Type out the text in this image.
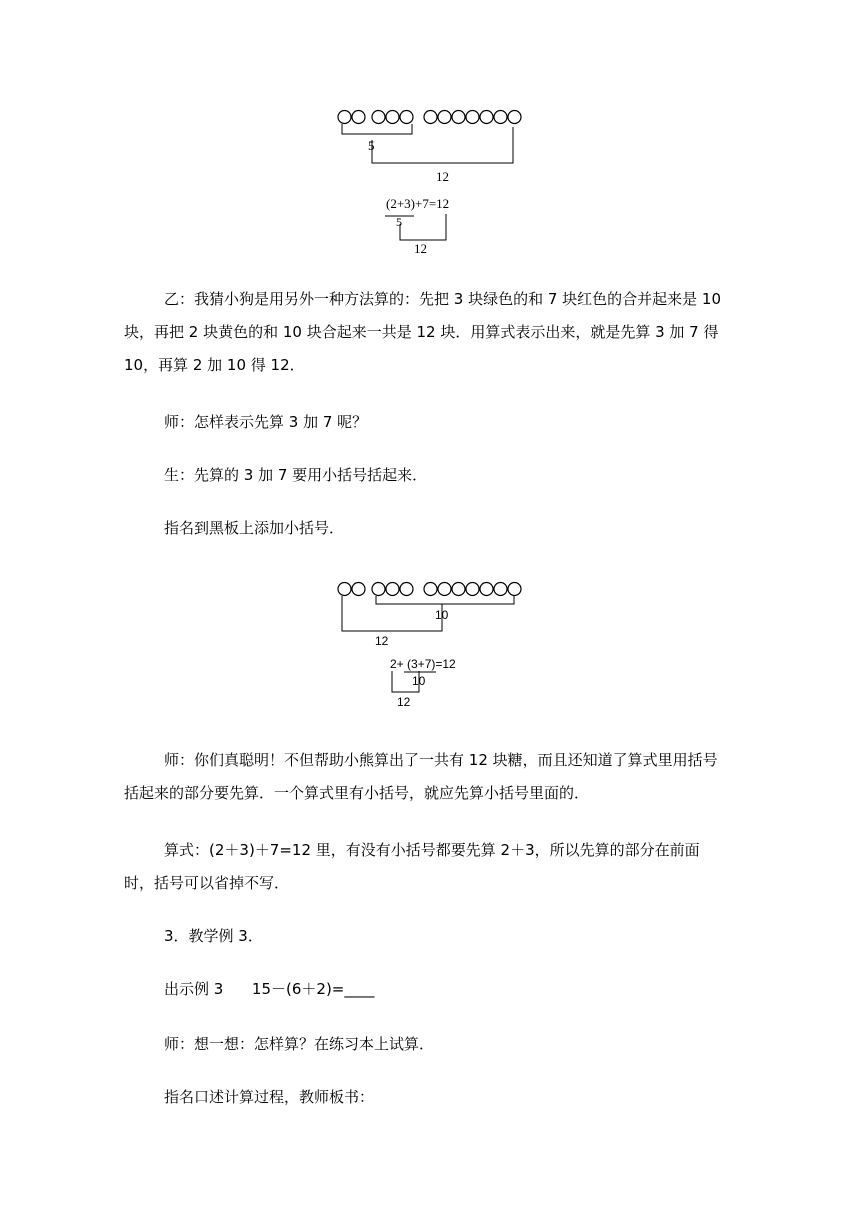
5
12
(2+3)+7=12
5
12

乙：我猜小狗是用另外一种方法算的：先把 3 块绿色的和 7 块红色的合并起来是 10 块，再把 2 块黄色的和 10 块合起来一共是 12 块．用算式表示出来，就是先算 3 加 7 得 10，再算 2 加 10 得 12．

师：怎样表示先算 3 加 7 呢？
生：先算的 3 加 7 要用小括号括起来．
指名到黑板上添加小括号．
10
12
2+ (3+7)=12
10
12

师：你们真聪明！不但帮助小熊算出了一共有 12 块糖，而且还知道了算式里用括号括起来的部分要先算．一个算式里有小括号，就应先算小括号里面的．

算式：(2＋3)＋7=12 里，有没有小括号都要先算 2＋3，所以先算的部分在前面时，括号可以省掉不写．

3．教学例 3．
出示例 3      15－(6＋2)=____
师：想一想：怎样算？在练习本上试算．
指名口述计算过程，教师板书：
